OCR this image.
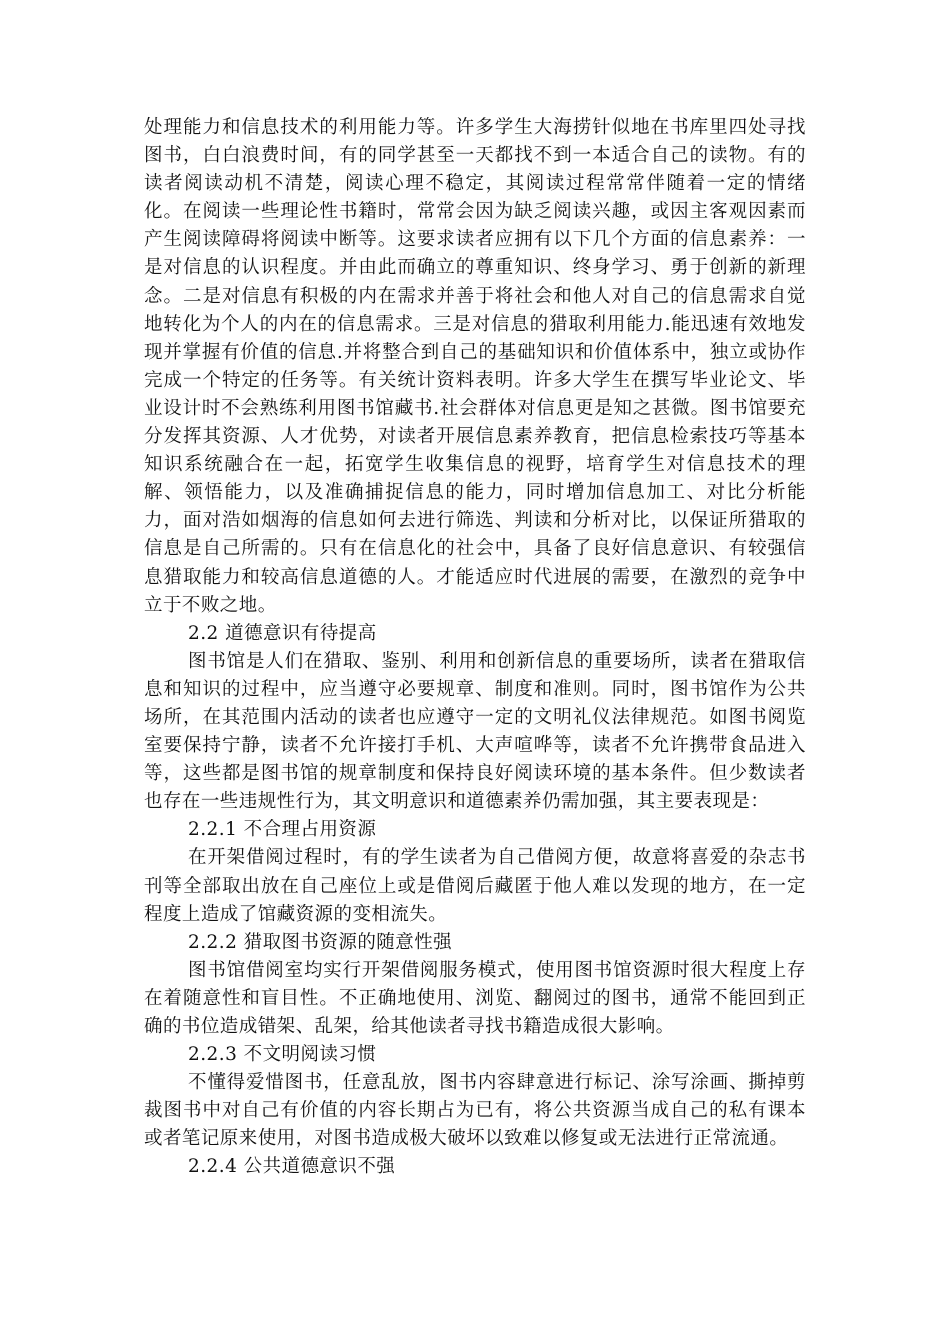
处理能力和信息技术的利用能力等。许多学生大海捞针似地在书库里四处寻找图书，白白浪费时间，有的同学甚至一天都找不到一本适合自己的读物。有的读者阅读动机不清楚，阅读心理不稳定，其阅读过程常常伴随着一定的情绪化。在阅读一些理论性书籍时，常常会因为缺乏阅读兴趣，或因主客观因素而产生阅读障碍将阅读中断等。这要求读者应拥有以下几个方面的信息素养：一是对信息的认识程度。并由此而确立的尊重知识、终身学习、勇于创新的新理念。二是对信息有积极的内在需求并善于将社会和他人对自己的信息需求自觉地转化为个人的内在的信息需求。三是对信息的猎取利用能力.能迅速有效地发现并掌握有价值的信息.并将整合到自己的基础知识和价值体系中，独立或协作完成一个特定的任务等。有关统计资料表明。许多大学生在撰写毕业论文、毕业设计时不会熟练利用图书馆藏书.社会群体对信息更是知之甚微。图书馆要充分发挥其资源、人才优势，对读者开展信息素养教育，把信息检索技巧等基本知识系统融合在一起，拓宽学生收集信息的视野，培育学生对信息技术的理解、领悟能力，以及准确捕捉信息的能力，同时增加信息加工、对比分析能力，面对浩如烟海的信息如何去进行筛选、判读和分析对比，以保证所猎取的信息是自己所需的。只有在信息化的社会中，具备了良好信息意识、有较强信息猎取能力和较高信息道德的人。才能适应时代进展的需要，在激烈的竞争中立于不败之地。

2.2 道德意识有待提高

图书馆是人们在猎取、鉴别、利用和创新信息的重要场所，读者在猎取信息和知识的过程中，应当遵守必要规章、制度和准则。同时，图书馆作为公共场所，在其范围内活动的读者也应遵守一定的文明礼仪法律规范。如图书阅览室要保持宁静，读者不允许接打手机、大声喧哗等，读者不允许携带食品进入等，这些都是图书馆的规章制度和保持良好阅读环境的基本条件。但少数读者也存在一些违规性行为，其文明意识和道德素养仍需加强，其主要表现是：

2.2.1 不合理占用资源

在开架借阅过程时，有的学生读者为自己借阅方便，故意将喜爱的杂志书刊等全部取出放在自己座位上或是借阅后藏匿于他人难以发现的地方，在一定程度上造成了馆藏资源的变相流失。

2.2.2 猎取图书资源的随意性强

图书馆借阅室均实行开架借阅服务模式，使用图书馆资源时很大程度上存在着随意性和盲目性。不正确地使用、浏览、翻阅过的图书，通常不能回到正确的书位造成错架、乱架，给其他读者寻找书籍造成很大影响。

2.2.3 不文明阅读习惯

不懂得爱惜图书，任意乱放，图书内容肆意进行标记、涂写涂画、撕掉剪裁图书中对自己有价值的内容长期占为已有，将公共资源当成自己的私有课本或者笔记原来使用，对图书造成极大破坏以致难以修复或无法进行正常流通。

2.2.4 公共道德意识不强
